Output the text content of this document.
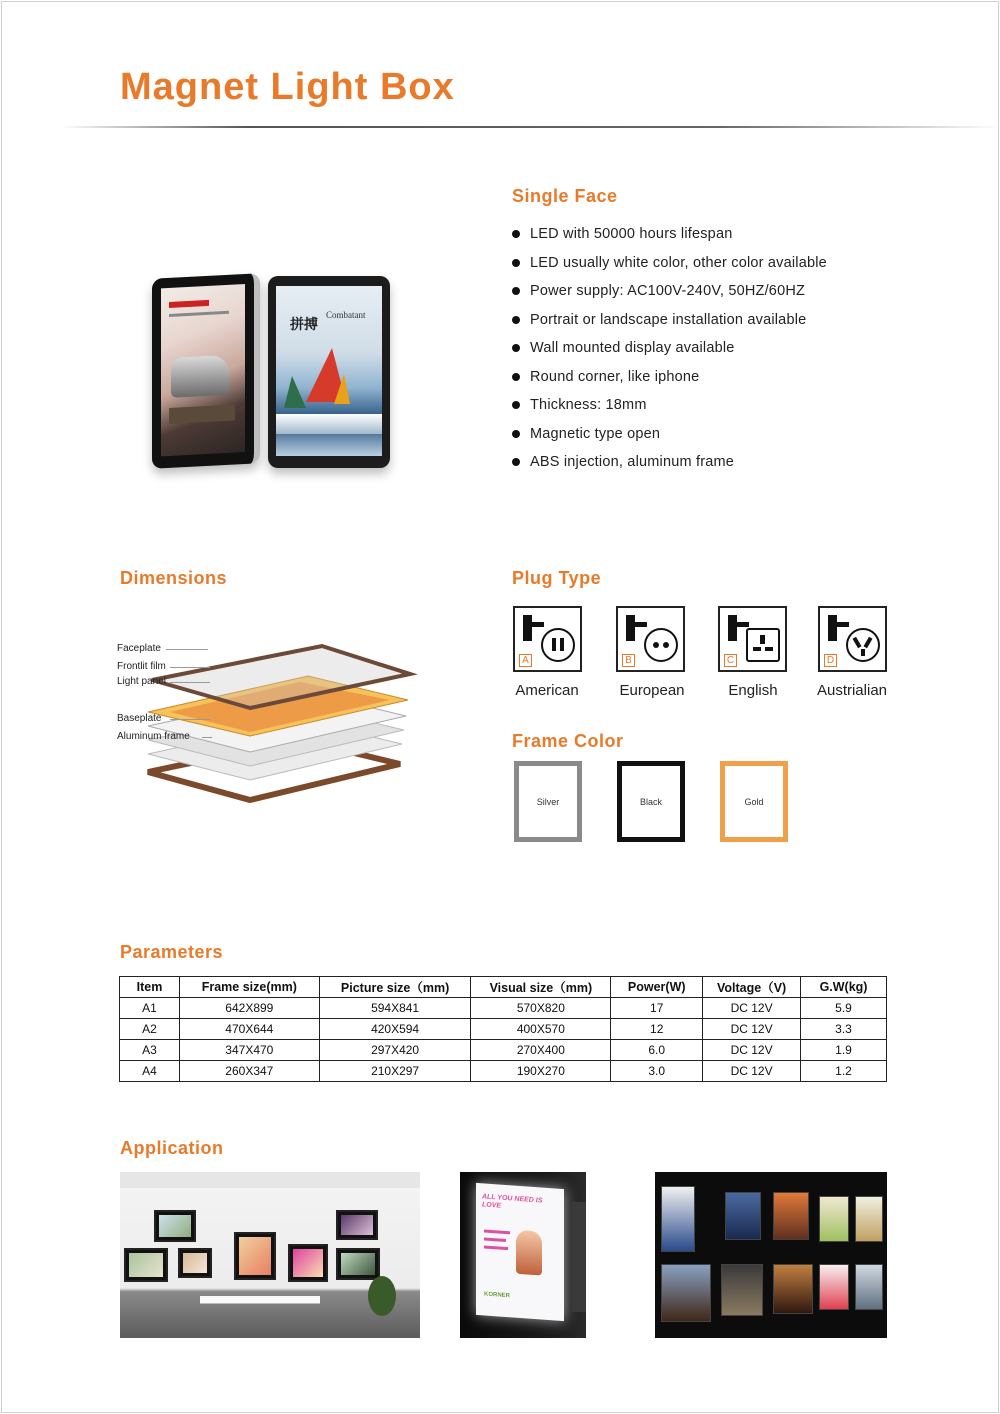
Magnet Light Box
拼搏
Combatant
Single Face
LED with 50000 hours lifespan
LED usually white color, other color available
Power supply: AC100V-240V, 50HZ/60HZ
Portrait or landscape installation available
Wall mounted display available
Round corner, like iphone
Thickness: 18mm
Magnetic type open
ABS injection, aluminum frame
Dimensions
Faceplate
Frontlit film
Light panel
Baseplate
Aluminum frame
Plug Type
A	B	C	D
American	European	English	Austrialian
Frame Color
Silver	Black	Gold
Parameters
Item	Frame size(mm)	Picture size（mm)	Visual size（mm)	Power(W)	Voltage（V)	G.W(kg)
A1	642X899	594X841	570X820	17	DC 12V	5.9
A2	470X644	420X594	400X570	12	DC 12V	3.3
A3	347X470	297X420	270X400	6.0	DC 12V	1.9
A4	260X347	210X297	190X270	3.0	DC 12V	1.2
Application
ALL YOU NEED IS LOVE
KORNER
